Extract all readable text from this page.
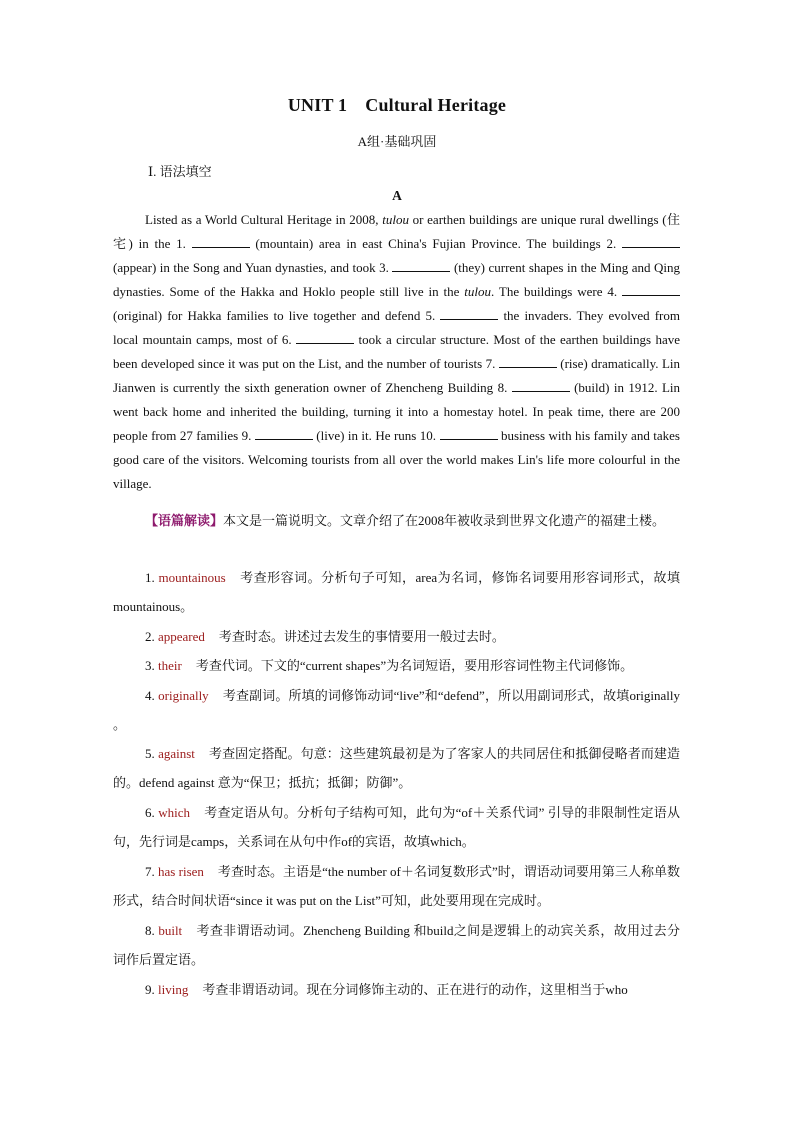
UNIT 1 Cultural Heritage
A组·基础巩固
Ⅰ. 语法填空
A
Listed as a World Cultural Heritage in 2008, tulou or earthen buildings are unique rural dwellings (住宅) in the 1.	(mountain) area in east China's Fujian Province. The buildings 2.  (appear) in the Song and Yuan dynasties, and took 3.	(they) current shapes in the Ming and Qing dynasties. Some of the Hakka and Hoklo people still live in the tulou. The buildings were 4.  (original) for Hakka families to live together and defend 5.	the invaders. They evolved from local mountain camps, most of 6.	took a circular structure. Most of the earthen buildings have been developed since it was put on the List, and the number of tourists 7.	(rise) dramatically. Lin Jianwen is currently the sixth generation owner of Zhencheng Building 8.	(build) in 1912. Lin went back home and inherited the building, turning it into a homestay hotel. In peak time, there are 200 people from 27 families 9.	(live) in it. He runs 10.	business with his family and takes good care of the visitors. Welcoming tourists from all over the world makes Lin's life more colourful in the village.
【语篇解读】本文是一篇说明文。文章介绍了在2008年被收录到世界文化遗产的福建土楼。
1. mountainous 考查形容词。分析句子可知，area为名词，修饰名词要用形容词形式，故填mountainous。
2. appeared 考查时态。讲述过去发生的事情要用一般过去时。
3. their 考查代词。下文的“current shapes”为名词短语，要用形容词性物主代词修饰。
4. originally 考查副词。所填的词修饰动词“live”和“defend”，所以用副词形式，故填originally 。
5. against 考查固定搭配。句意：这些建筑最初是为了客家人的共同居住和抵御侵略者而建造的。defend against 意为“保卫；抵抗；抵御；防御”。
6. which 考查定语从句。分析句子结构可知，此句为“of＋关系代词” 引导的非限制性定语从句，先行词是camps，关系词在从句中作of的宾语，故填which。
7. has risen 考查时态。主语是“the number of＋名词复数形式”时，谓语动词要用第三人称单数形式，结合时间状语“since it was put on the List”可知，此处要用现在完成时。
8. built 考查非谓语动词。Zhencheng Building 和build之间是逻辑上的动宾关系，故用过去分词作后置定语。
9. living 考查非谓语动词。现在分词修饰主动的、正在进行的动作，这里相当于who
